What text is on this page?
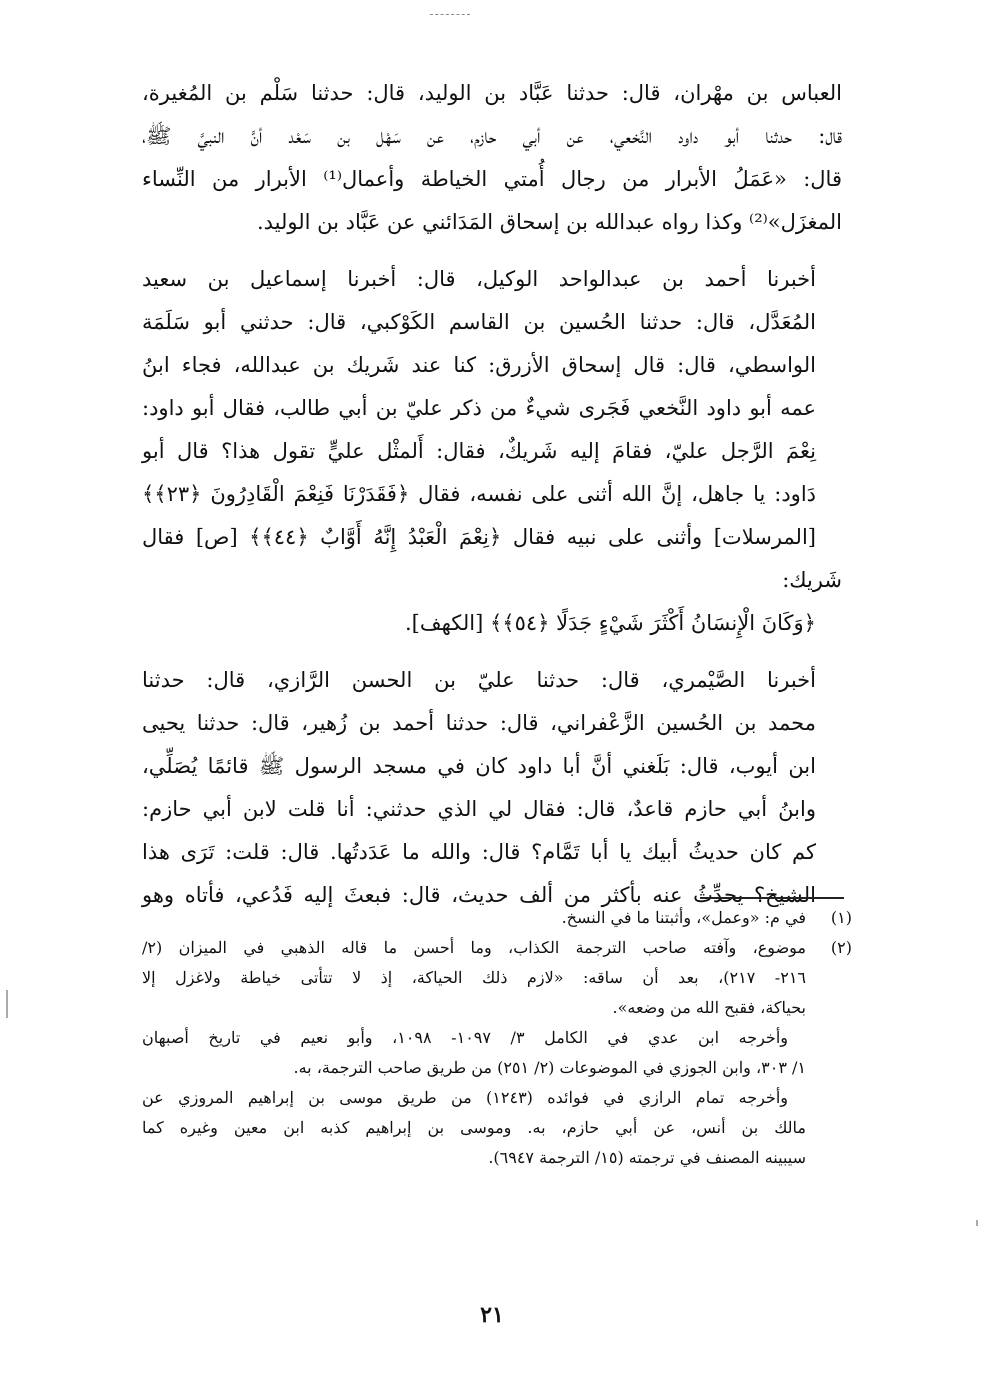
العباس بن مهْران، قال: حدثنا عَبَّاد بن الوليد، قال: حدثنا سَلْم بن المُغيرة،
قال: حدثنا أبو داود النَّخعي، عن أبي حازم، عن سَهْل بن سَعْد أنَّ النبيَّ ﷺ،
قال: «عَمَلُ الأبرار من رجال أُمتي الخياطة وأعمال⁽¹⁾ الأبرار من النِّساء
المغزَل»⁽²⁾ وكذا رواه عبدالله بن إسحاق المَدَائني عن عَبَّاد بن الوليد.

أخبرنا أحمد بن عبدالواحد الوكيل، قال: أخبرنا إسماعيل بن سعيد
المُعَدَّل، قال: حدثنا الحُسين بن القاسم الكَوْكبي، قال: حدثني أبو سَلَمَة
الواسطي، قال: قال إسحاق الأزرق: كنا عند شَريك بن عبدالله، فجاء ابنُ
عمه أبو داود النَّخعي فَجَرى شيءٌ من ذكر عليّ بن أبي طالب، فقال أبو داود:
نِعْمَ الرَّجل عليّ، فقامَ إليه شَريكٌ، فقال: أَلمثْل عليٍّ تقول هذا؟ قال أبو
دَاود: يا جاهل، إنَّ الله أثنى على نفسه، فقال ﴿فَقَدَرْنَا فَنِعْمَ الْقَادِرُونَ ﴿٢٣﴾﴾
[المرسلات] وأثنى على نبيه فقال ﴿نِعْمَ الْعَبْدُ إِنَّهُ أَوَّابٌ ﴿٤٤﴾﴾ [ص] فقال شَريك:
﴿وَكَانَ الْإِنسَانُ أَكْثَرَ شَيْءٍ جَدَلًا ﴿٥٤﴾﴾ [الكهف].

أخبرنا الصَّيْمري، قال: حدثنا عليّ بن الحسن الرَّازي، قال: حدثنا
محمد بن الحُسين الزَّعْفراني، قال: حدثنا أحمد بن زُهير، قال: حدثنا يحيى
ابن أيوب، قال: بَلَغني أنَّ أبا داود كان في مسجد الرسول ﷺ قائمًا يُصَلِّي،
وابنُ أبي حازم قاعدٌ، قال: فقال لي الذي حدثني: أنا قلت لابن أبي حازم:
كم كان حديثُ أبيك يا أبا تَمَّام؟ قال: والله ما عَدَدتُها. قال: قلت: تَرَى هذا
الشيخ؟ يحدِّثُ عنه بأكثر من ألف حديث، قال: فبعثَ إليه فَدُعي، فأتاه وهو

(١)
في م: «وعمل»، وأثبتنا ما في النسخ.
(٢)
موضوع، وآفته صاحب الترجمة الكذاب، وما أحسن ما قاله الذهبي في الميزان (٢/
٢١٦- ٢١٧)، بعد أن ساقه: «لازم ذلك الحياكة، إذ لا تتأتى خياطة ولاغزل إلا
بحياكة، فقبح الله من وضعه».
وأخرجه ابن عدي في الكامل ٣/ ١٠٩٧- ١٠٩٨، وأبو نعيم في تاريخ أصبهان
١/ ٣٠٣، وابن الجوزي في الموضوعات (٢/ ٢٥١) من طريق صاحب الترجمة، به.
وأخرجه تمام الرازي في فوائده (١٢٤٣) من طريق موسى بن إبراهيم المروزي عن
مالك بن أنس، عن أبي حازم، به. وموسى بن إبراهيم كذبه ابن معين وغيره كما
سيبينه المصنف في ترجمته (١٥/ الترجمة ٦٩٤٧).
٢١
